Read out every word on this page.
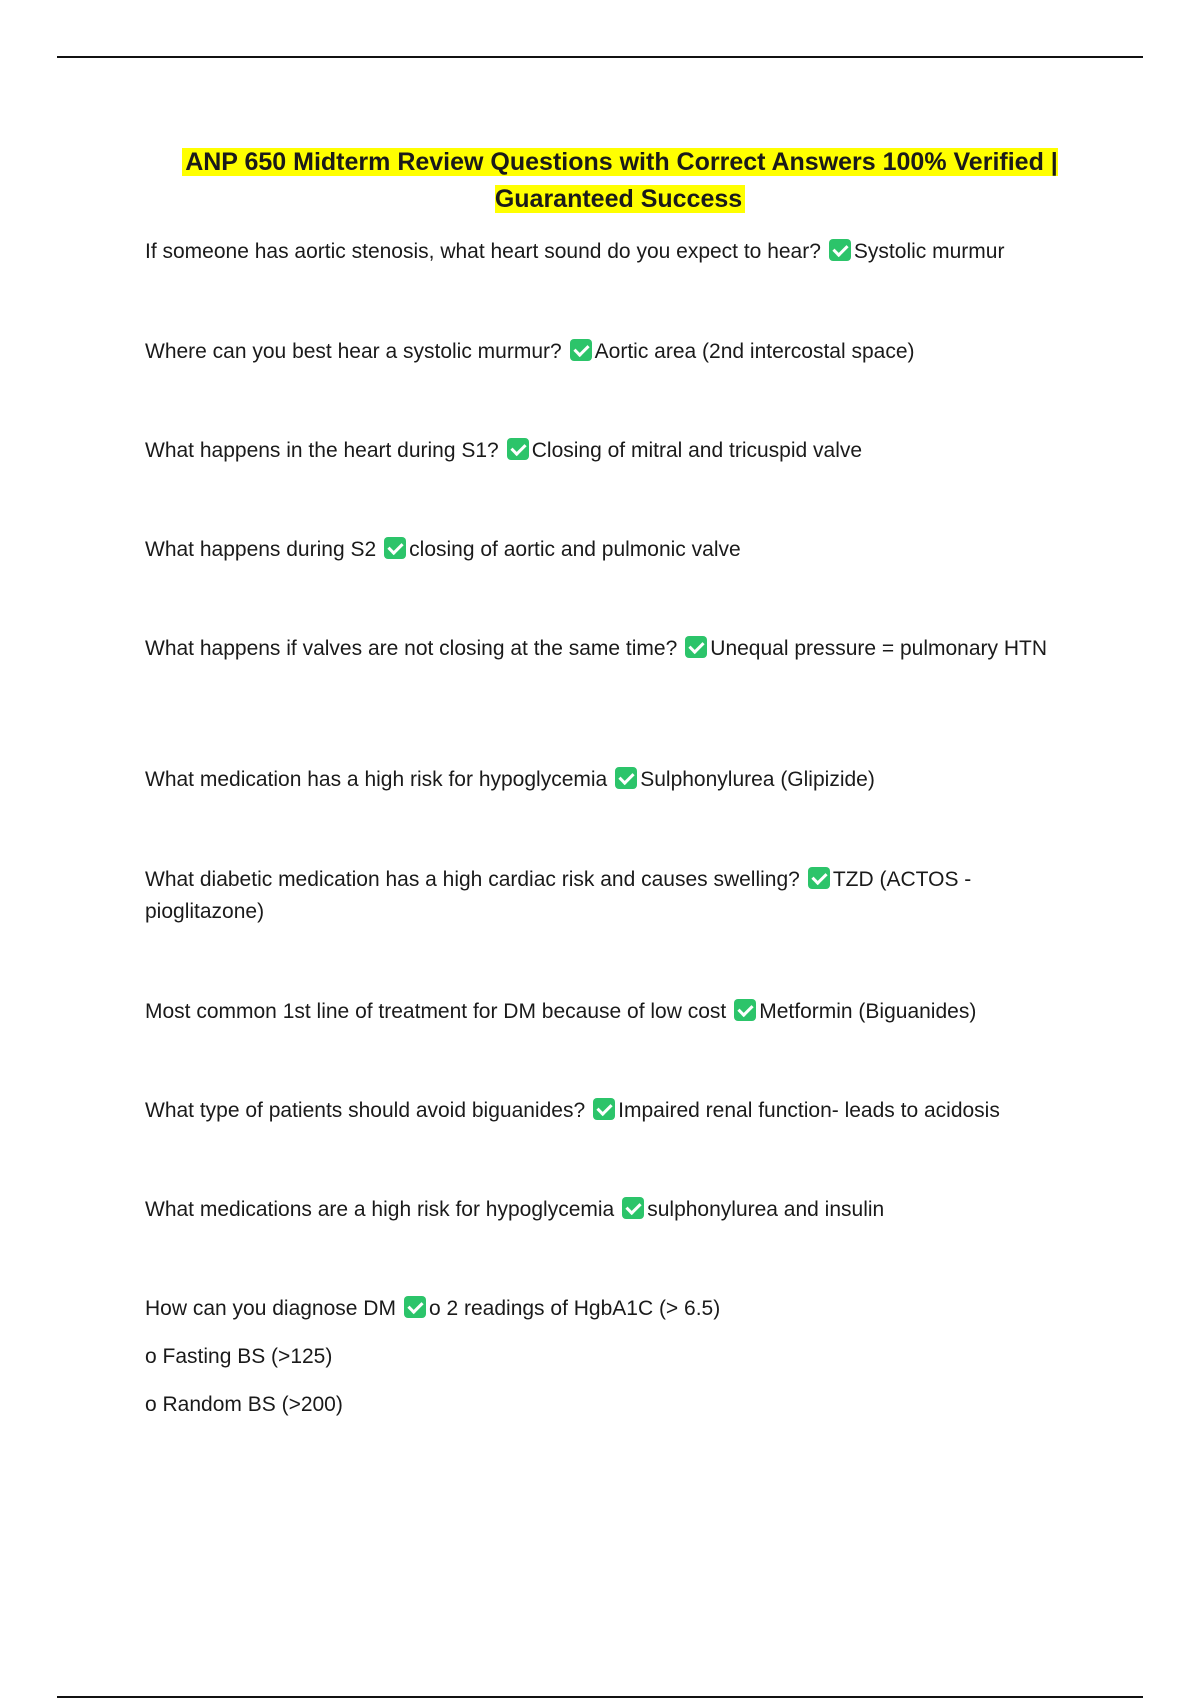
ANP 650 Midterm Review Questions with Correct Answers 100% Verified | Guaranteed Success
If someone has aortic stenosis, what heart sound do you expect to hear? Systolic murmur
Where can you best hear a systolic murmur? Aortic area (2nd intercostal space)
What happens in the heart during S1? Closing of mitral and tricuspid valve
What happens during S2 closing of aortic and pulmonic valve
What happens if valves are not closing at the same time? Unequal pressure = pulmonary HTN
What medication has a high risk for hypoglycemia Sulphonylurea (Glipizide)
What diabetic medication has a high cardiac risk and causes swelling? TZD (ACTOS - pioglitazone)
Most common 1st line of treatment for DM because of low cost Metformin (Biguanides)
What type of patients should avoid biguanides? Impaired renal function- leads to acidosis
What medications are a high risk for hypoglycemia sulphonylurea and insulin
How can you diagnose DM o 2 readings of HgbA1C (> 6.5)
o Fasting BS (>125)
o Random BS (>200)
